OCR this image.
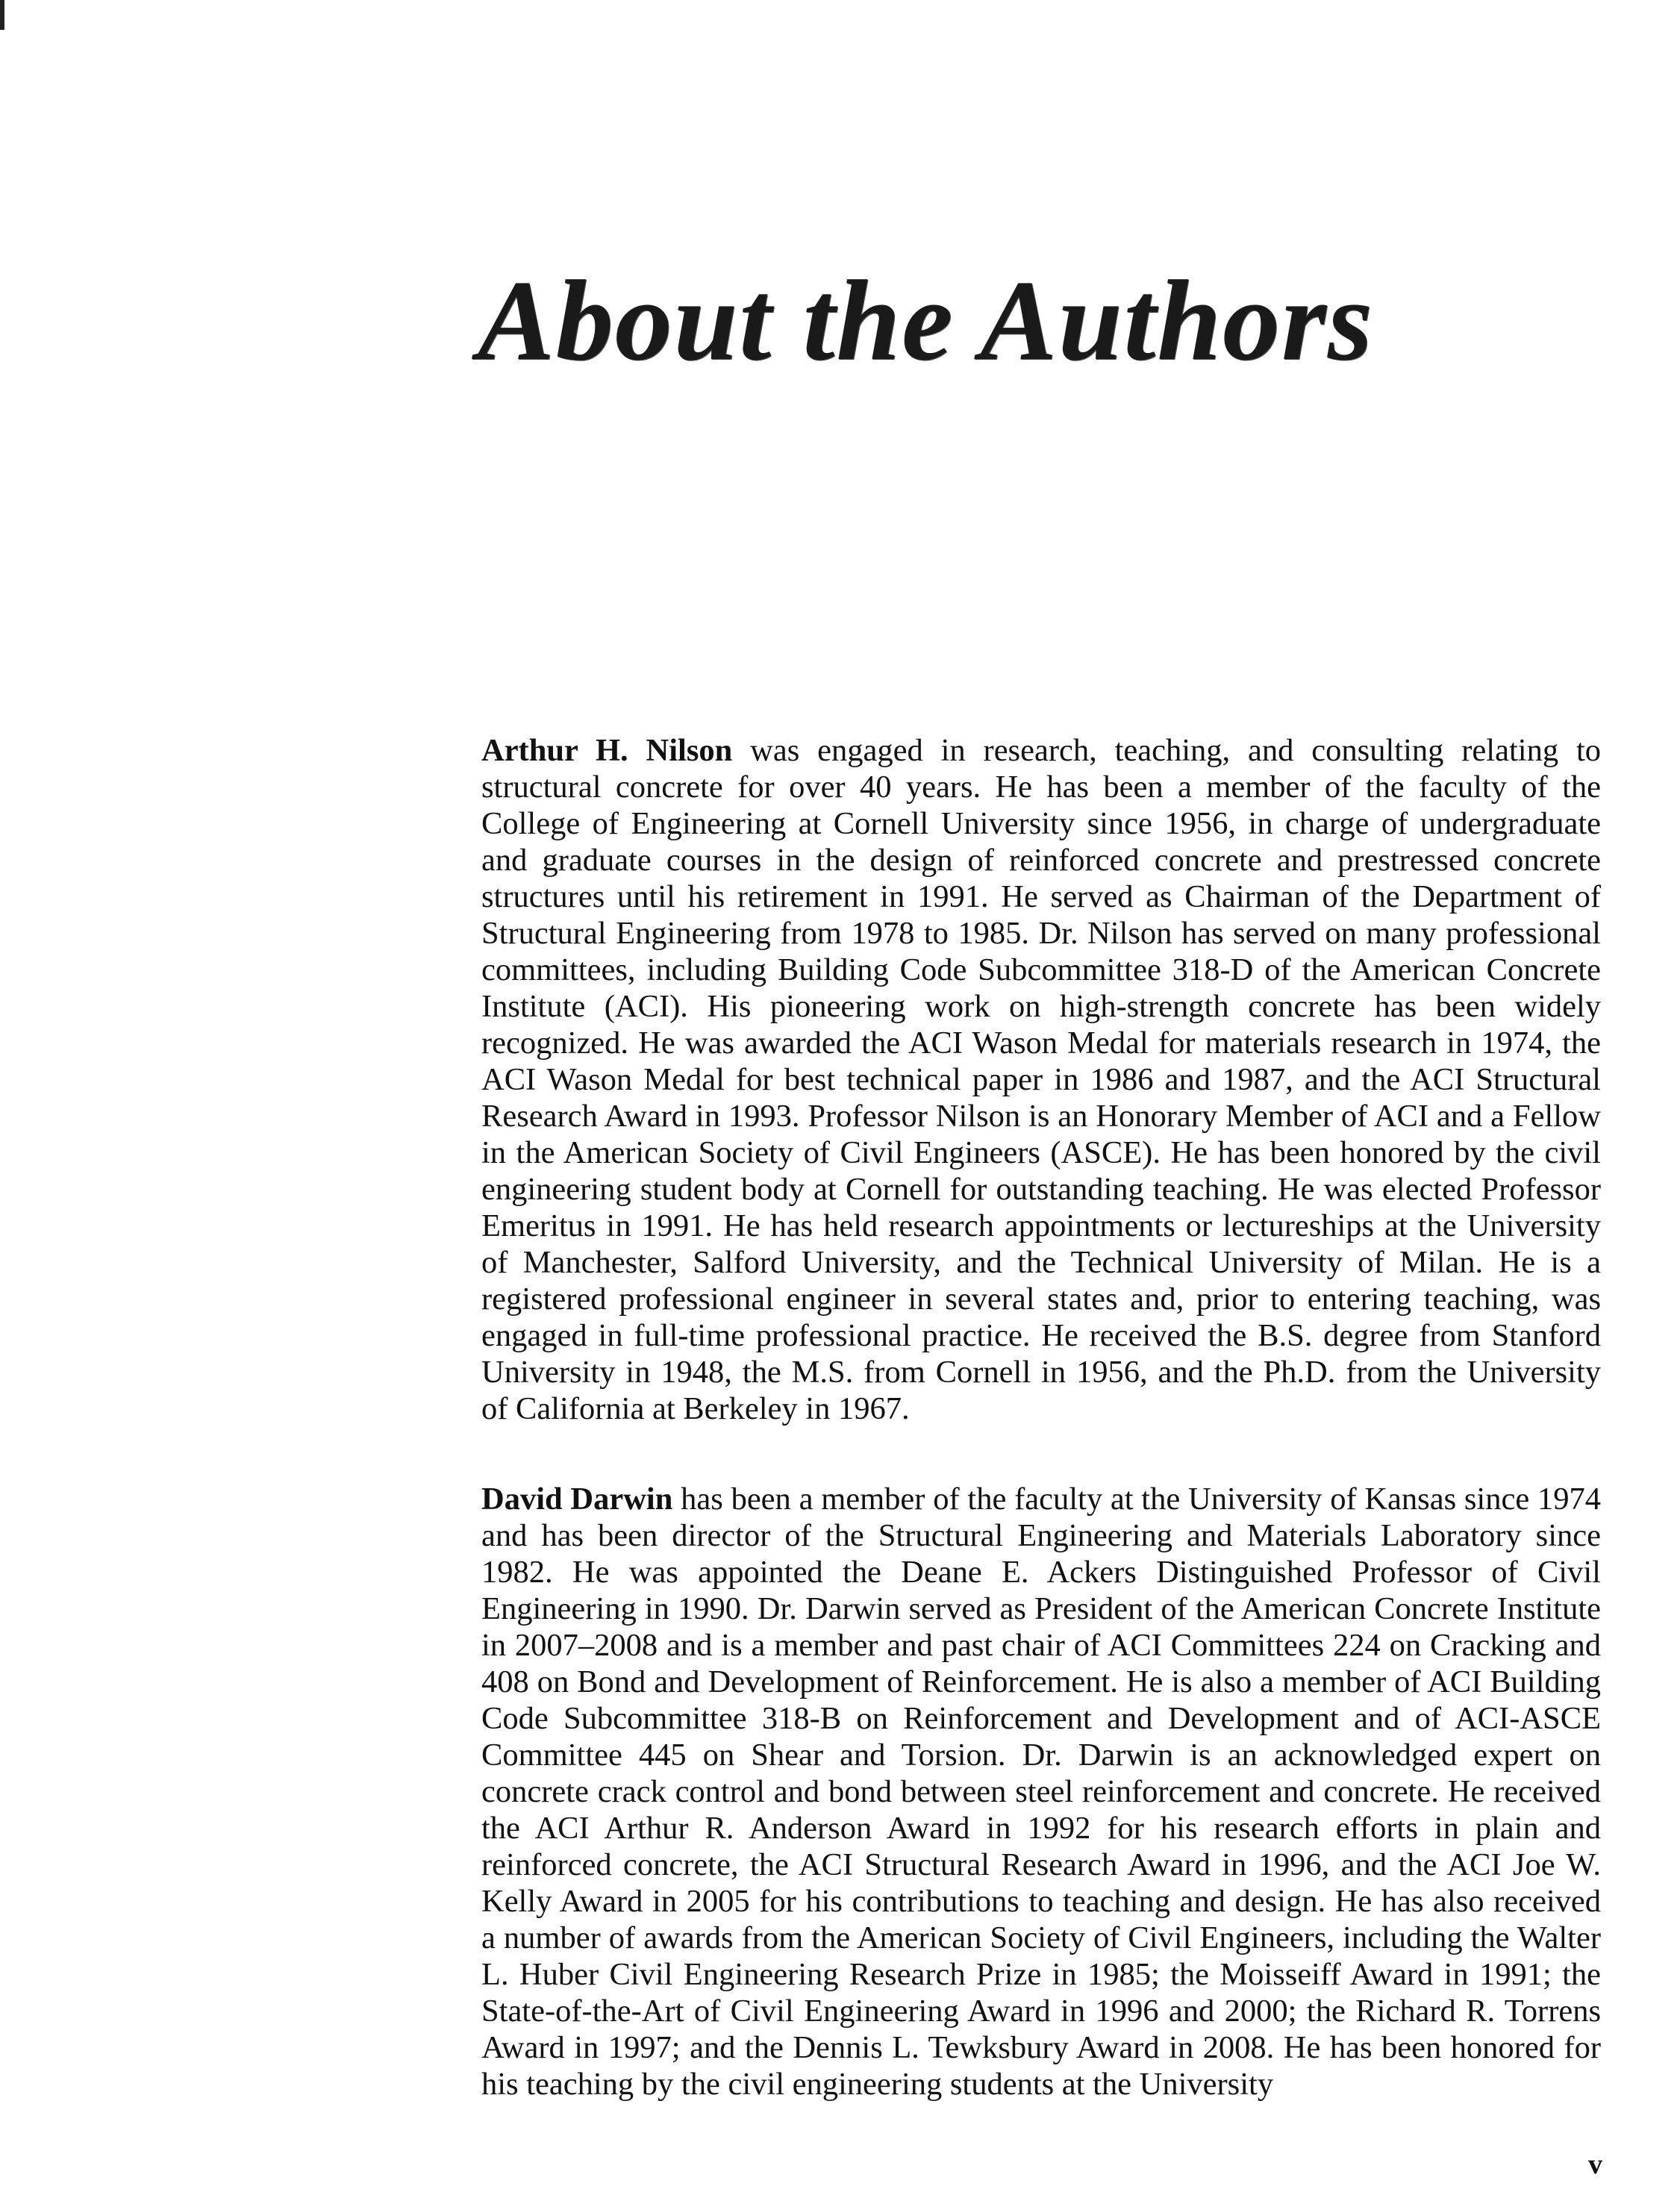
About the Authors

Arthur H. Nilson was engaged in research, teaching, and consulting relating to structural concrete for over 40 years. He has been a member of the faculty of the College of Engineering at Cornell University since 1956, in charge of undergraduate and graduate courses in the design of reinforced concrete and prestressed concrete structures until his retirement in 1991. He served as Chairman of the Department of Structural Engineering from 1978 to 1985. Dr. Nilson has served on many professional committees, including Building Code Subcommittee 318-D of the American Concrete Institute (ACI). His pioneering work on high-strength concrete has been widely recognized. He was awarded the ACI Wason Medal for materials research in 1974, the ACI Wason Medal for best technical paper in 1986 and 1987, and the ACI Structural Research Award in 1993. Professor Nilson is an Honorary Member of ACI and a Fellow in the American Society of Civil Engineers (ASCE). He has been honored by the civil engineering student body at Cornell for outstanding teaching. He was elected Professor Emeritus in 1991. He has held research appointments or lectureships at the University of Manchester, Salford University, and the Technical University of Milan. He is a registered professional engineer in several states and, prior to entering teaching, was engaged in full-time professional practice. He received the B.S. degree from Stanford University in 1948, the M.S. from Cornell in 1956, and the Ph.D. from the University of California at Berkeley in 1967.

David Darwin has been a member of the faculty at the University of Kansas since 1974 and has been director of the Structural Engineering and Materials Laboratory since 1982. He was appointed the Deane E. Ackers Distinguished Professor of Civil Engineering in 1990. Dr. Darwin served as President of the American Concrete Institute in 2007–2008 and is a member and past chair of ACI Committees 224 on Cracking and 408 on Bond and Development of Reinforcement. He is also a member of ACI Building Code Subcommittee 318-B on Reinforcement and Development and of ACI-ASCE Committee 445 on Shear and Torsion. Dr. Darwin is an acknowledged expert on concrete crack control and bond between steel reinforcement and concrete. He received the ACI Arthur R. Anderson Award in 1992 for his research efforts in plain and reinforced concrete, the ACI Structural Research Award in 1996, and the ACI Joe W. Kelly Award in 2005 for his contributions to teaching and design. He has also received a number of awards from the American Society of Civil Engineers, including the Walter L. Huber Civil Engineering Research Prize in 1985; the Moisseiff Award in 1991; the State-of-the-Art of Civil Engineering Award in 1996 and 2000; the Richard R. Torrens Award in 1997; and the Dennis L. Tewksbury Award in 2008. He has been honored for his teaching by the civil engineering students at the University

v
